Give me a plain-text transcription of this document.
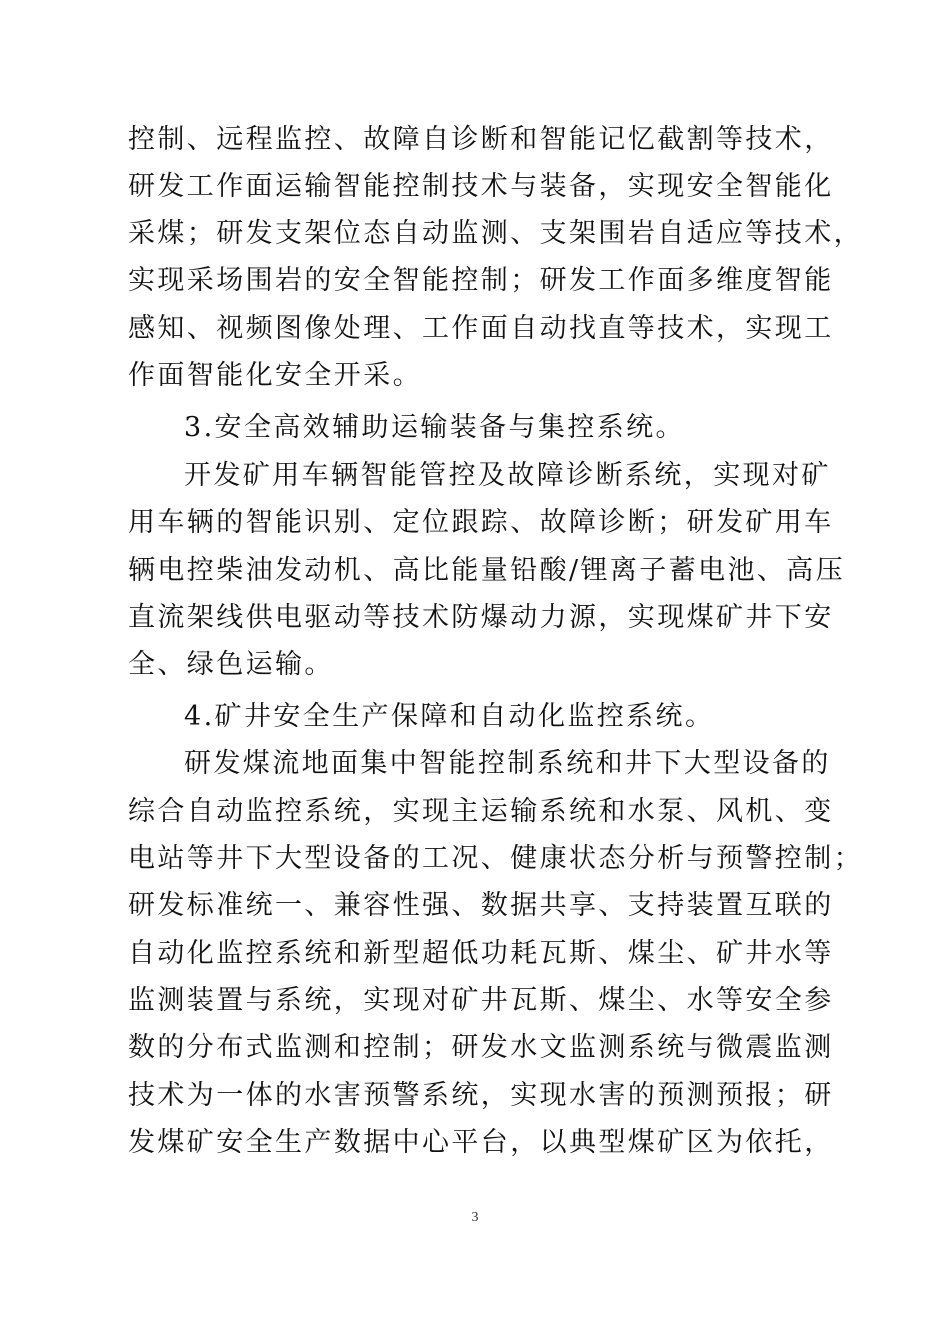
控制、远程监控、故障自诊断和智能记忆截割等技术，
研发工作面运输智能控制技术与装备，实现安全智能化
采煤；研发支架位态自动监测、支架围岩自适应等技术，
实现采场围岩的安全智能控制；研发工作面多维度智能
感知、视频图像处理、工作面自动找直等技术，实现工
作面智能化安全开采。
3.安全高效辅助运输装备与集控系统。
开发矿用车辆智能管控及故障诊断系统，实现对矿
用车辆的智能识别、定位跟踪、故障诊断；研发矿用车
辆电控柴油发动机、高比能量铅酸/锂离子蓄电池、高压
直流架线供电驱动等技术防爆动力源，实现煤矿井下安
全、绿色运输。
4.矿井安全生产保障和自动化监控系统。
研发煤流地面集中智能控制系统和井下大型设备的
综合自动监控系统，实现主运输系统和水泵、风机、变
电站等井下大型设备的工况、健康状态分析与预警控制；
研发标准统一、兼容性强、数据共享、支持装置互联的
自动化监控系统和新型超低功耗瓦斯、煤尘、矿井水等
监测装置与系统，实现对矿井瓦斯、煤尘、水等安全参
数的分布式监测和控制；研发水文监测系统与微震监测
技术为一体的水害预警系统，实现水害的预测预报；研
发煤矿安全生产数据中心平台，以典型煤矿区为依托，
3
